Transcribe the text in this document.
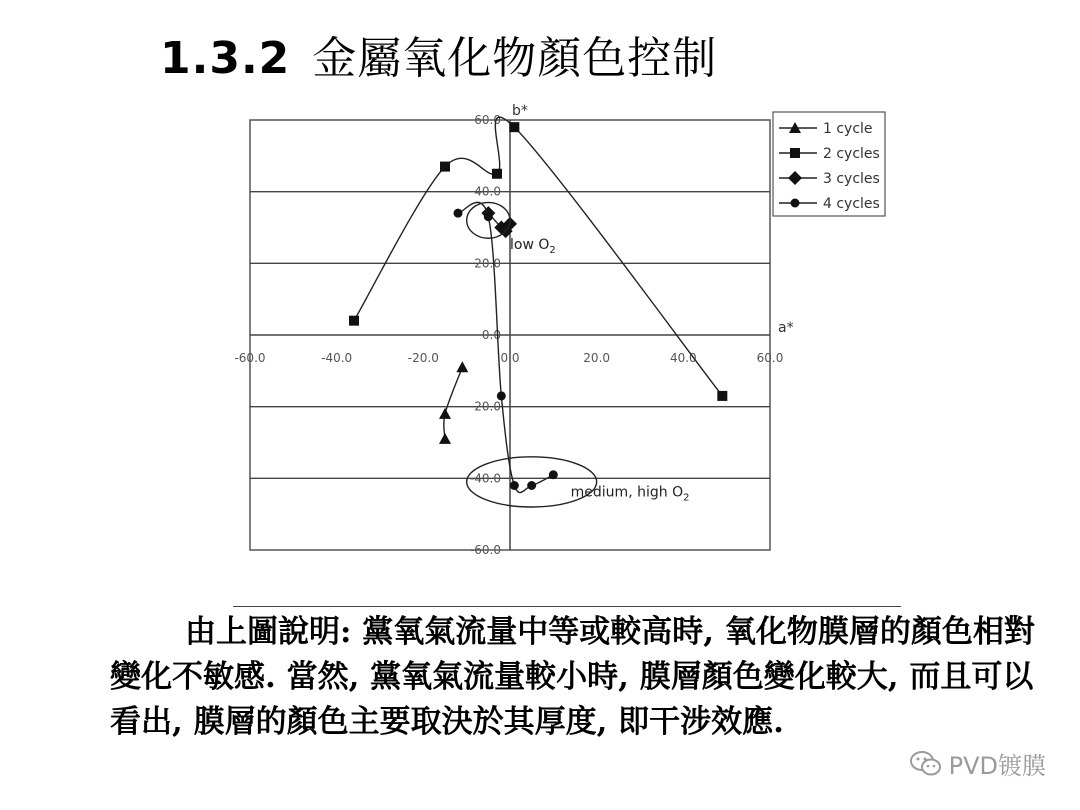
1.3.2 金屬氧化物顏色控制
-60.0	-40.0	-20.0	0.0	20.0	40.0	60.0
60.0
40.0
20.0
0.0
-20.0
-40.0
-60.0
a*
b*
low $O_2$
medium, high $O_2$
1 cycle
2 cycles
3 cycles
4 cycles
由上圖說明: 黨氧氣流量中等或較高時, 氧化物膜層的顏色相對變化不敏感. 當然, 黨氧氣流量較小時, 膜層顏色變化較大, 而且可以看出, 膜層的顏色主要取決於其厚度, 即干涉效應.
PVD镀膜
